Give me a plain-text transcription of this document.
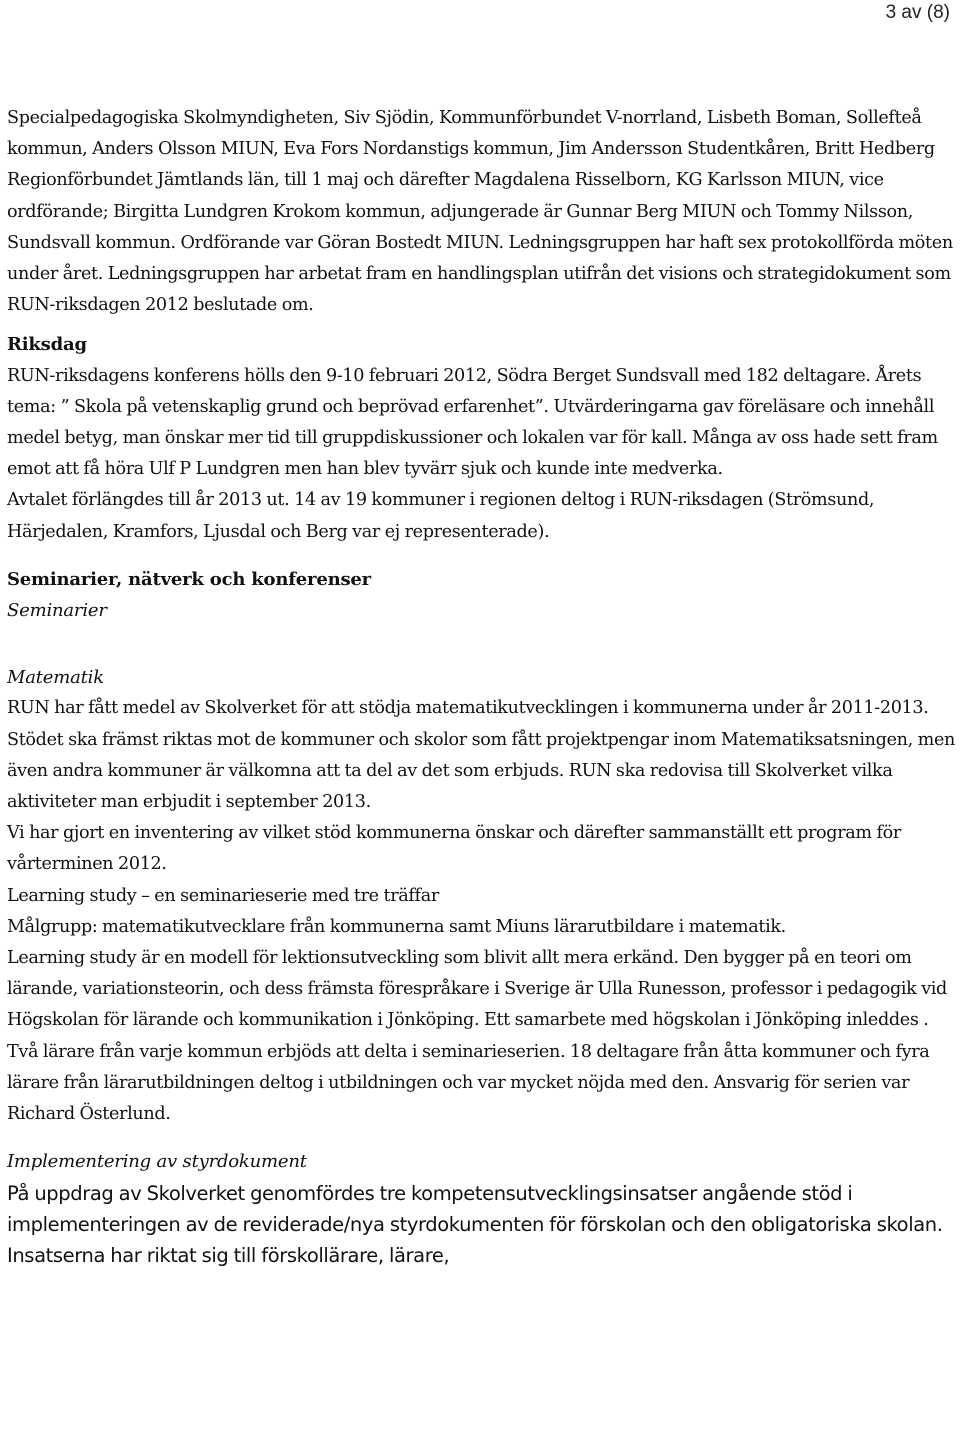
3 av (8)

Specialpedagogiska Skolmyndigheten, Siv Sjödin, Kommunförbundet V-norrland, Lisbeth Boman, Sollefteå kommun, Anders Olsson MIUN, Eva Fors Nordanstigs kommun, Jim Andersson Studentkåren, Britt Hedberg Regionförbundet Jämtlands län, till 1 maj och därefter Magdalena Risselborn, KG Karlsson MIUN, vice ordförande; Birgitta Lundgren Krokom kommun, adjungerade är Gunnar Berg MIUN och Tommy Nilsson, Sundsvall kommun. Ordförande var Göran Bostedt MIUN. Ledningsgruppen har haft sex protokollförda möten under året. Ledningsgruppen har arbetat fram en handlingsplan utifrån det visions och strategidokument som RUN-riksdagen 2012 beslutade om.

Riksdag

RUN-riksdagens konferens hölls den 9-10 februari 2012, Södra Berget Sundsvall med 182 deltagare. Årets tema: ” Skola på vetenskaplig grund och beprövad erfarenhet”. Utvärderingarna gav föreläsare och innehåll medel betyg, man önskar mer tid till gruppdiskussioner och lokalen var för kall. Många av oss hade sett fram emot att få höra Ulf P Lundgren men han blev tyvärr sjuk och kunde inte medverka.

Avtalet förlängdes till år 2013 ut. 14 av 19 kommuner i regionen deltog i RUN-riksdagen (Strömsund, Härjedalen, Kramfors, Ljusdal och Berg var ej representerade).

Seminarier, nätverk och konferenser

Seminarier

Matematik

RUN har fått medel av Skolverket för att stödja matematikutvecklingen i kommunerna under år 2011-2013. Stödet ska främst riktas mot de kommuner och skolor som fått projektpengar inom Matematiksatsningen, men även andra kommuner är välkomna att ta del av det som erbjuds. RUN ska redovisa till Skolverket vilka aktiviteter man erbjudit i september 2013.

Vi har gjort en inventering av vilket stöd kommunerna önskar och därefter sammanställt ett program för vårterminen 2012.

Learning study – en seminarieserie med tre träffar

Målgrupp: matematikutvecklare från kommunerna samt Miuns lärarutbildare i matematik.

Learning study är en modell för lektionsutveckling som blivit allt mera erkänd. Den bygger på en teori om lärande, variationsteorin, och dess främsta förespråkare i Sverige är Ulla Runesson, professor i pedagogik vid Högskolan för lärande och kommunikation i Jönköping. Ett samarbete med högskolan i Jönköping inleddes . Två lärare från varje kommun erbjöds att delta i seminarieserien. 18 deltagare från åtta kommuner och fyra lärare från lärarutbildningen deltog i utbildningen och var mycket nöjda med den. Ansvarig för serien var Richard Österlund.

Implementering av styrdokument

På uppdrag av Skolverket genomfördes tre kompetensutvecklingsinsatser angående stöd i implementeringen av de reviderade/nya styrdokumenten för förskolan och den obligatoriska skolan. Insatserna har riktat sig till förskollärare, lärare,
